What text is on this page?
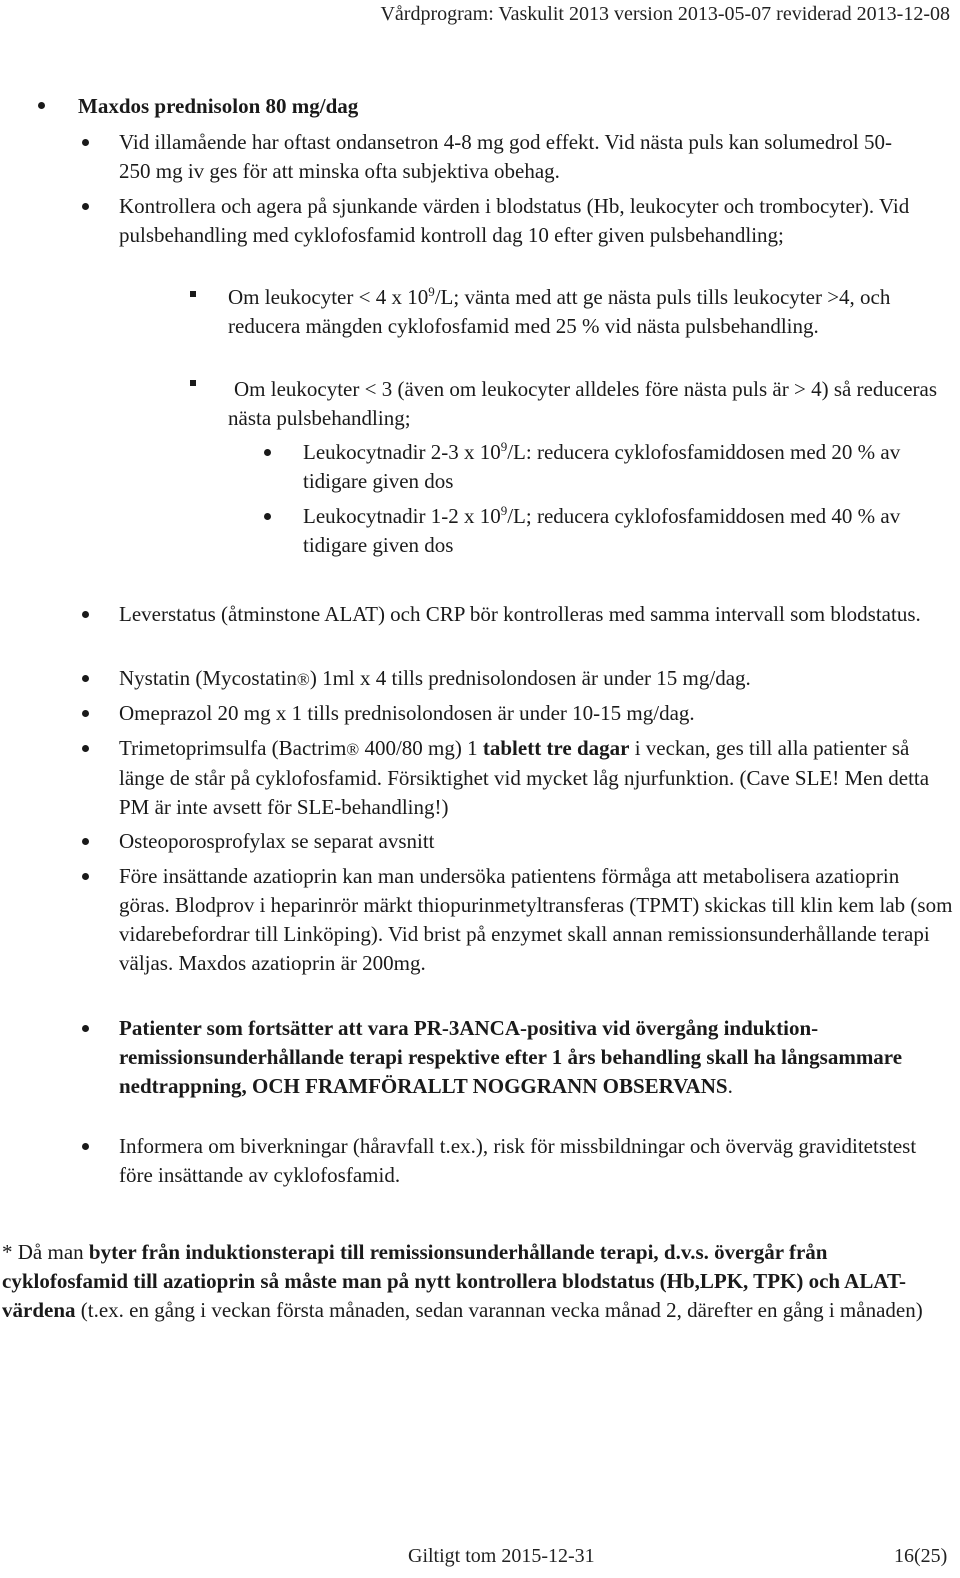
Vårdprogram: Vaskulit 2013 version 2013-05-07 reviderad 2013-12-08

Maxdos prednisolon 80 mg/dag

Vid illamående har oftast ondansetron 4-8 mg god effekt. Vid nästa puls kan solumedrol 50-250 mg iv ges för att minska ofta subjektiva obehag.

Kontrollera och agera på sjunkande värden i blodstatus (Hb, leukocyter och trombocyter). Vid pulsbehandling med cyklofosfamid kontroll dag 10 efter given pulsbehandling;

Om leukocyter < 4 x $10^9/L$; vänta med att ge nästa puls tills leukocyter >4, och reducera mängden cyklofosfamid med 25 % vid nästa pulsbehandling.

Om leukocyter < 3 (även om leukocyter alldeles före nästa puls är > 4) så reduceras nästa pulsbehandling;

Leukocytnadir 2-3 x $10^9/L$: reducera cyklofosfamiddosen med 20 % av tidigare given dos

Leukocytnadir 1-2 x $10^9/L$; reducera cyklofosfamiddosen med 40 % av tidigare given dos

Leverstatus (åtminstone ALAT) och CRP bör kontrolleras med samma intervall som blodstatus.

Nystatin (Mycostatin®) 1ml x 4 tills prednisolondosen är under 15 mg/dag.

Omeprazol 20 mg x 1 tills prednisolondosen är under 10-15 mg/dag.

Trimetoprimsulfa (Bactrim® 400/80 mg) 1 tablett tre dagar i veckan, ges till alla patienter så länge de står på cyklofosfamid. Försiktighet vid mycket låg njurfunktion. (Cave SLE! Men detta PM är inte avsett för SLE-behandling!)

Osteoporosprofylax se separat avsnitt

Före insättande azatioprin kan man undersöka patientens förmåga att metabolisera azatioprin göras. Blodprov i heparinrör märkt thiopurinmetyltransferas (TPMT) skickas till klin kem lab (som vidarebefordrar till Linköping). Vid brist på enzymet skall annan remissionsunderhållande terapi väljas. Maxdos azatioprin är 200mg.

Patienter som fortsätter att vara PR-3ANCA-positiva vid övergång induktion-remissionsunderhållande terapi respektive efter 1 års behandling skall ha långsammare nedtrappning, OCH FRAMFÖRALLT NOGGRANN OBSERVANS.

Informera om biverkningar (håravfall t.ex.), risk för missbildningar och överväg graviditetstest före insättande av cyklofosfamid.

* Då man byter från induktionsterapi till remissionsunderhållande terapi, d.v.s. övergår från cyklofosfamid till azatioprin så måste man på nytt kontrollera blodstatus (Hb,LPK, TPK) och ALAT-värdena (t.ex. en gång i veckan första månaden, sedan varannan vecka månad 2, därefter en gång i månaden)

Giltigt tom 2015-12-31	16(25)
